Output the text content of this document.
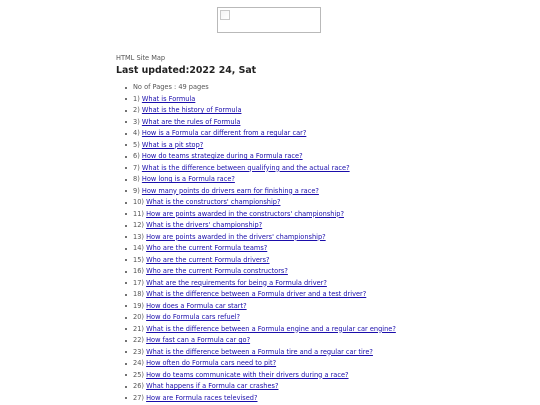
HTML Site Map
Last updated:2022 24, Sat
No of Pages : 49 pages
1) What is Formula
2) What is the history of Formula
3) What are the rules of Formula
4) How is a Formula car different from a regular car?
5) What is a pit stop?
6) How do teams strategize during a Formula race?
7) What is the difference between qualifying and the actual race?
8) How long is a Formula race?
9) How many points do drivers earn for finishing a race?
10) What is the constructors' championship?
11) How are points awarded in the constructors' championship?
12) What is the drivers' championship?
13) How are points awarded in the drivers' championship?
14) Who are the current Formula teams?
15) Who are the current Formula drivers?
16) Who are the current Formula constructors?
17) What are the requirements for being a Formula driver?
18) What is the difference between a Formula driver and a test driver?
19) How does a Formula car start?
20) How do Formula cars refuel?
21) What is the difference between a Formula engine and a regular car engine?
22) How fast can a Formula car go?
23) What is the difference between a Formula tire and a regular car tire?
24) How often do Formula cars need to pit?
25) How do teams communicate with their drivers during a race?
26) What happens if a Formula car crashes?
27) How are Formula races televised?
